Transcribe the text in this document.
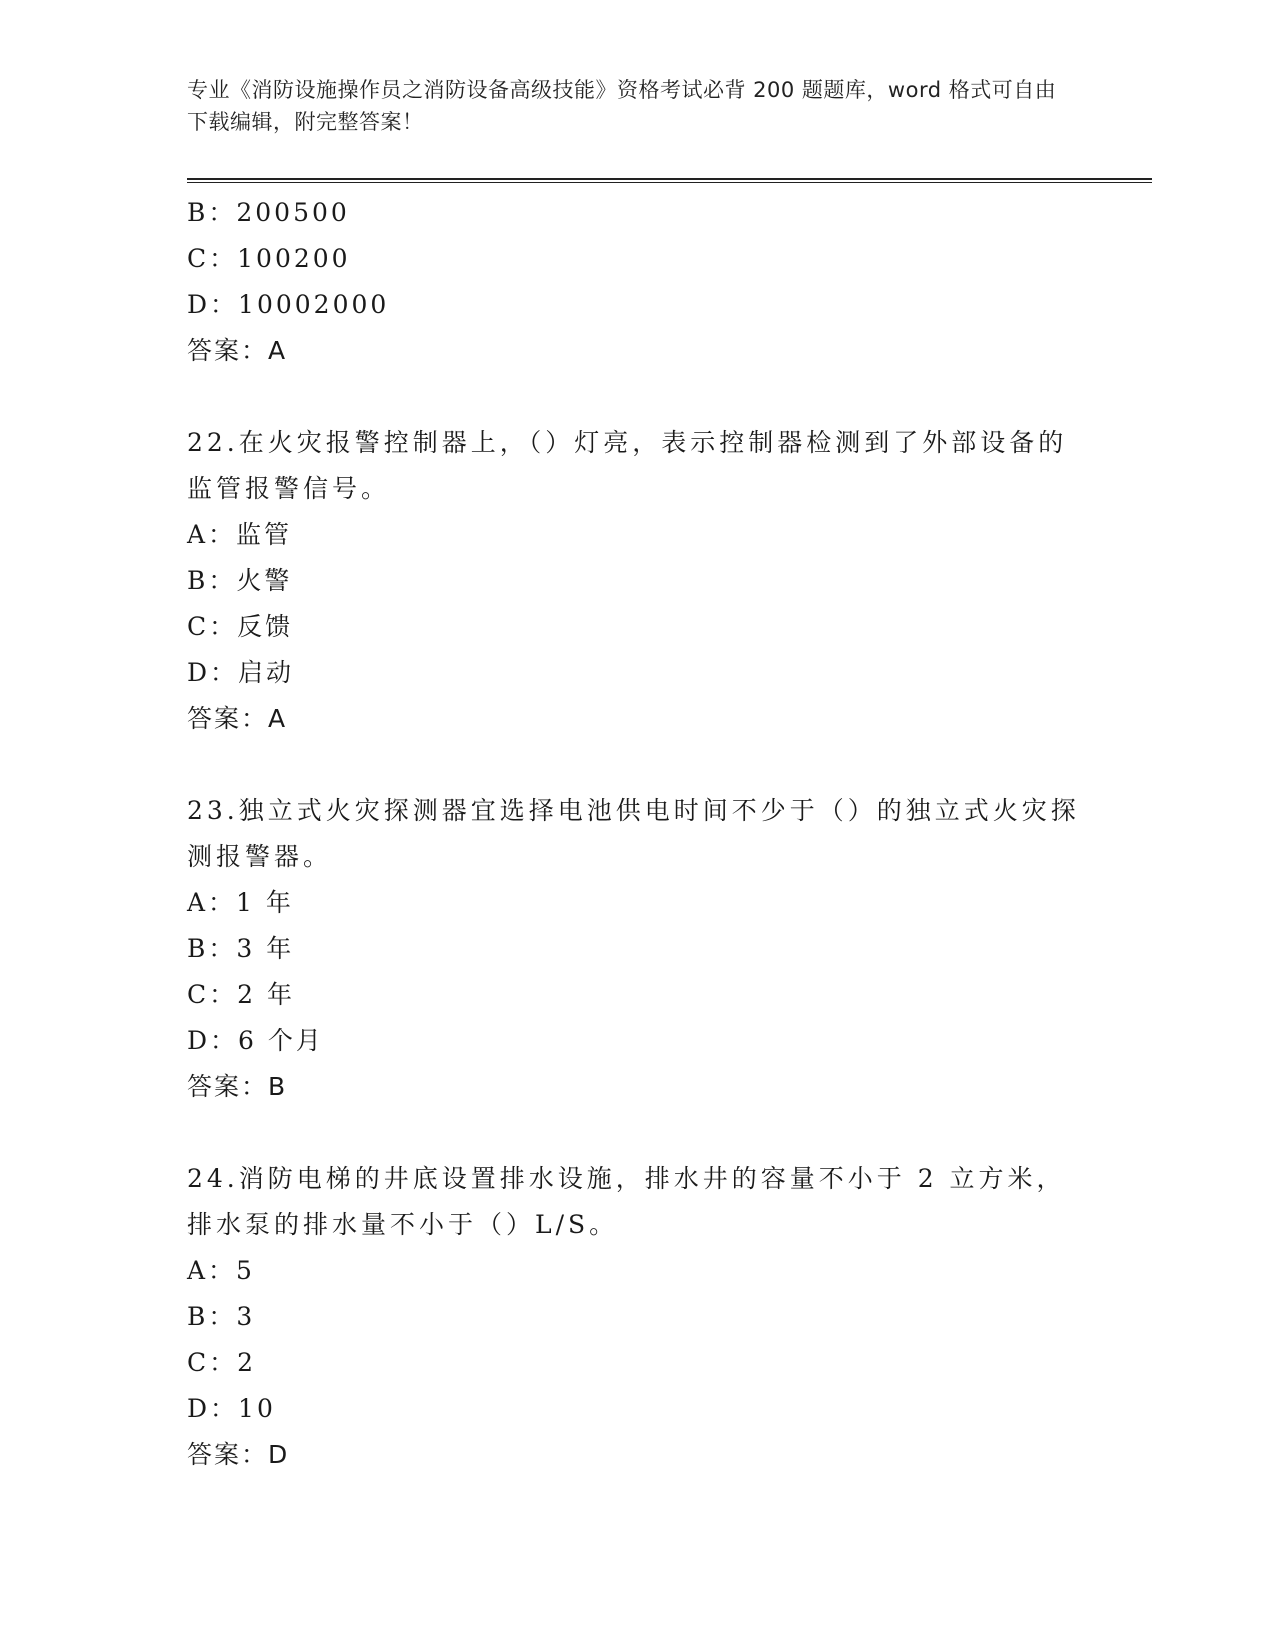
专业《消防设施操作员之消防设备高级技能》资格考试必背 200 题题库，word 格式可自由下载编辑，附完整答案！
B：200500
C：100200
D：10002000
答案：A
22.在火灾报警控制器上，（）灯亮，表示控制器检测到了外部设备的监管报警信号。
A：监管
B：火警
C：反馈
D：启动
答案：A
23.独立式火灾探测器宜选择电池供电时间不少于（）的独立式火灾探测报警器。
A：1 年
B：3 年
C：2 年
D：6 个月
答案：B
24.消防电梯的井底设置排水设施，排水井的容量不小于 2 立方米，排水泵的排水量不小于（）L/S。
A：5
B：3
C：2
D：10
答案：D
